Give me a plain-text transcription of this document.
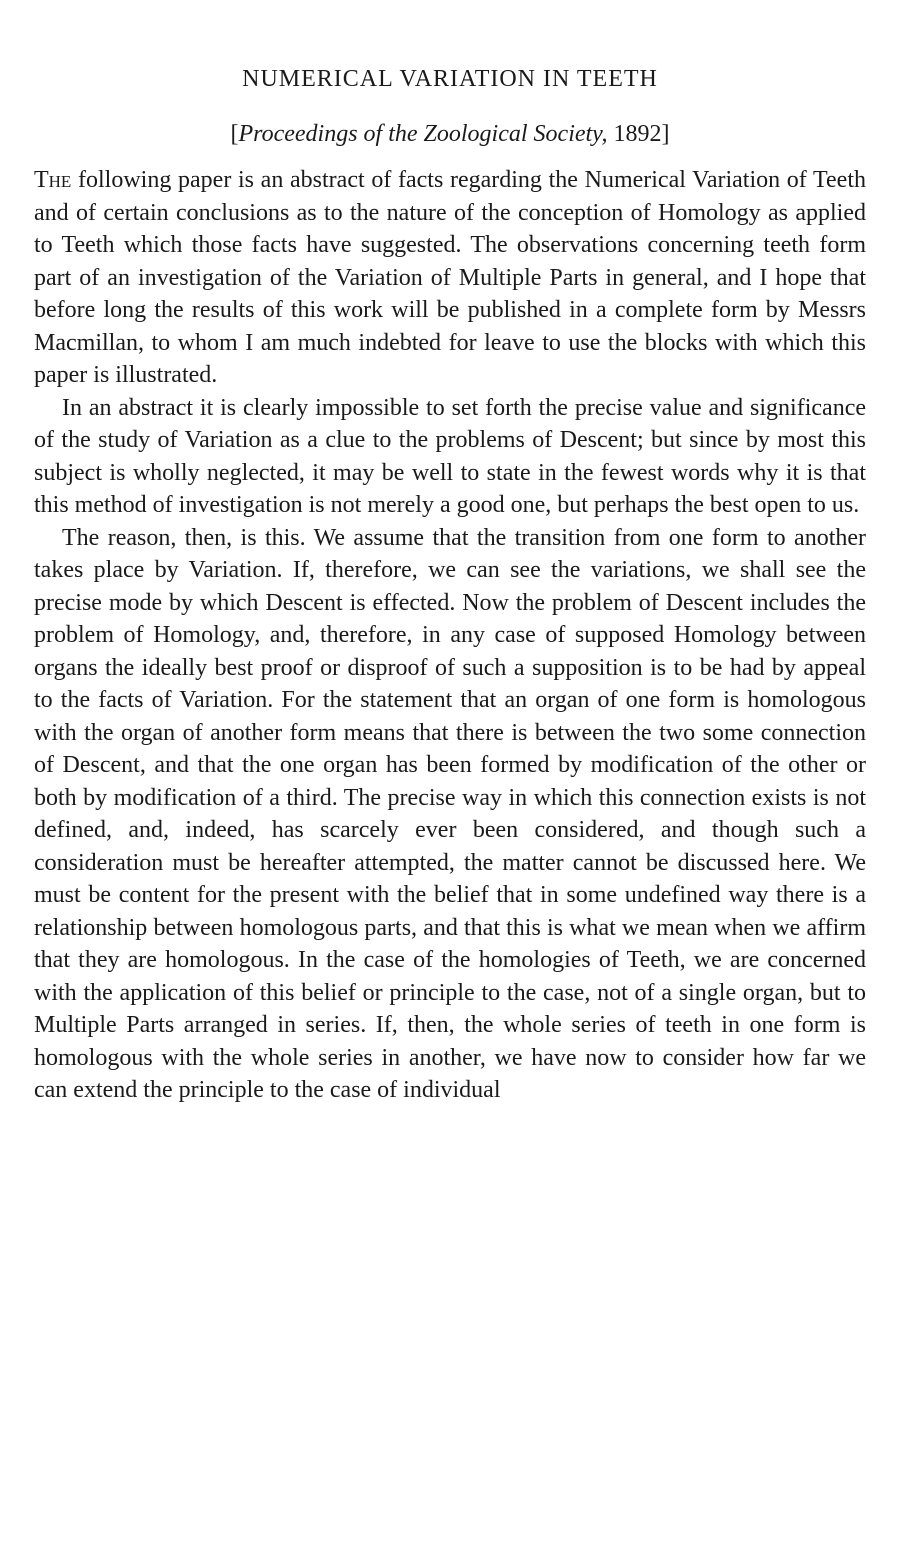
NUMERICAL VARIATION IN TEETH

[Proceedings of the Zoological Society, 1892]

The following paper is an abstract of facts regarding the Numerical Variation of Teeth and of certain conclusions as to the nature of the conception of Homology as applied to Teeth which those facts have suggested. The observations concerning teeth form part of an investigation of the Variation of Multiple Parts in general, and I hope that before long the results of this work will be published in a complete form by Messrs Macmillan, to whom I am much indebted for leave to use the blocks with which this paper is illustrated.

In an abstract it is clearly impossible to set forth the precise value and significance of the study of Variation as a clue to the problems of Descent; but since by most this subject is wholly neglected, it may be well to state in the fewest words why it is that this method of investigation is not merely a good one, but perhaps the best open to us.

The reason, then, is this. We assume that the transition from one form to another takes place by Variation. If, therefore, we can see the variations, we shall see the precise mode by which Descent is effected. Now the problem of Descent includes the problem of Homology, and, therefore, in any case of supposed Homology between organs the ideally best proof or disproof of such a supposition is to be had by appeal to the facts of Variation. For the statement that an organ of one form is homologous with the organ of another form means that there is between the two some connection of Descent, and that the one organ has been formed by modification of the other or both by modification of a third. The precise way in which this connection exists is not defined, and, indeed, has scarcely ever been considered, and though such a consideration must be hereafter attempted, the matter cannot be discussed here. We must be content for the present with the belief that in some undefined way there is a relationship between homologous parts, and that this is what we mean when we affirm that they are homologous. In the case of the homologies of Teeth, we are concerned with the application of this belief or principle to the case, not of a single organ, but to Multiple Parts arranged in series. If, then, the whole series of teeth in one form is homologous with the whole series in another, we have now to consider how far we can extend the principle to the case of individual
